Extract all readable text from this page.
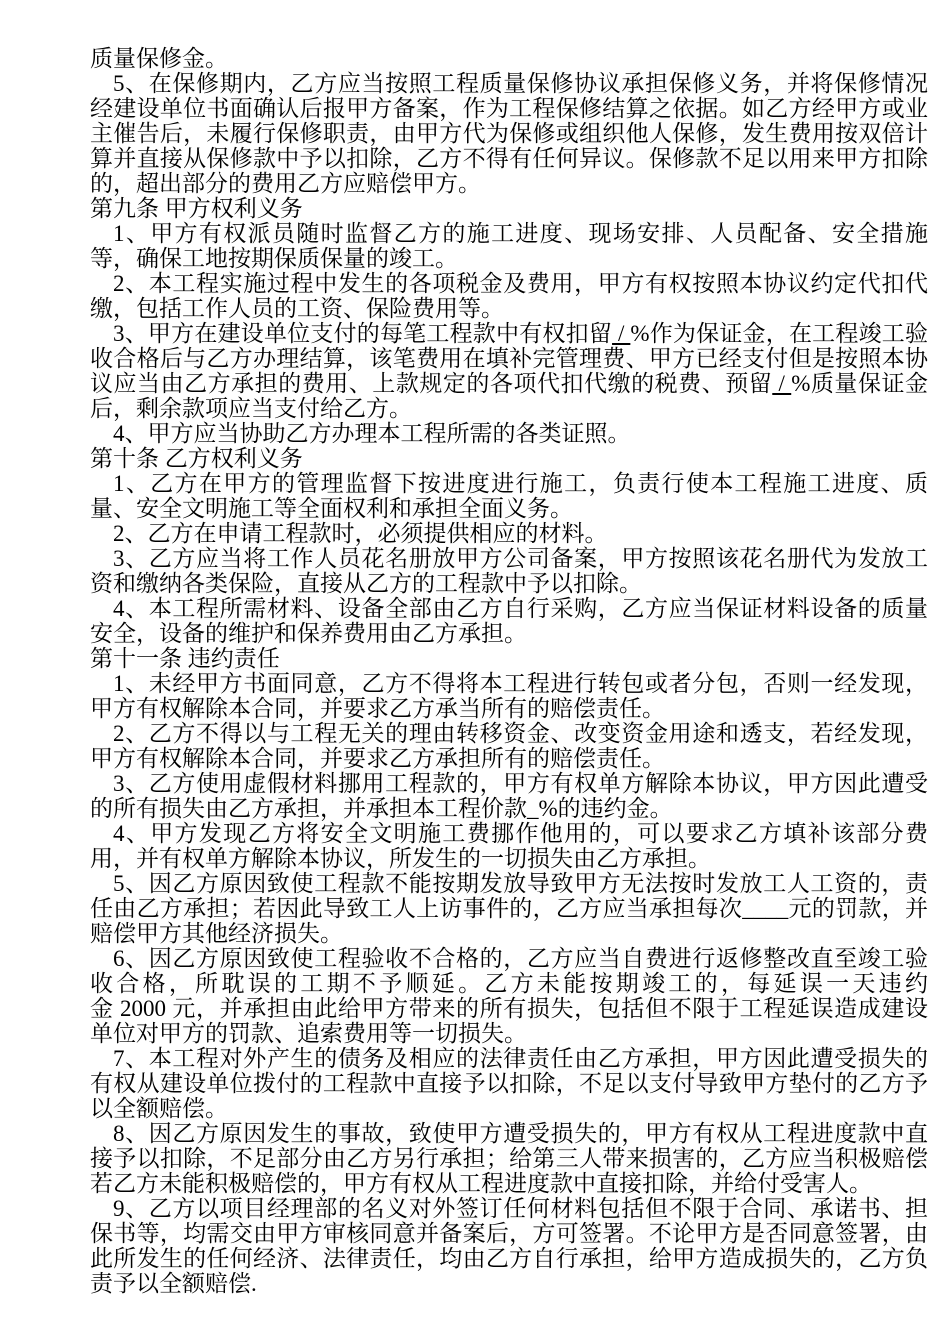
质量保修金。

5、在保修期内，乙方应当按照工程质量保修协议承担保修义务，并将保修情况经建设单位书面确认后报甲方备案，作为工程保修结算之依据。如乙方经甲方或业主催告后，未履行保修职责，由甲方代为保修或组织他人保修，发生费用按双倍计算并直接从保修款中予以扣除，乙方不得有任何异议。保修款不足以用来甲方扣除的，超出部分的费用乙方应赔偿甲方。

第九条 甲方权利义务

1、甲方有权派员随时监督乙方的施工进度、现场安排、人员配备、安全措施等，确保工地按期保质保量的竣工。

2、本工程实施过程中发生的各项税金及费用，甲方有权按照本协议约定代扣代缴，包括工作人员的工资、保险费用等。

3、甲方在建设单位支付的每笔工程款中有权扣留 / %作为保证金，在工程竣工验收合格后与乙方办理结算，该笔费用在填补完管理费、甲方已经支付但是按照本协议应当由乙方承担的费用、上款规定的各项代扣代缴的税费、预留 / %质量保证金后，剩余款项应当支付给乙方。

4、甲方应当协助乙方办理本工程所需的各类证照。

第十条 乙方权利义务

1、乙方在甲方的管理监督下按进度进行施工，负责行使本工程施工进度、质量、安全文明施工等全面权利和承担全面义务。

2、乙方在申请工程款时，必须提供相应的材料。

3、乙方应当将工作人员花名册放甲方公司备案，甲方按照该花名册代为发放工资和缴纳各类保险，直接从乙方的工程款中予以扣除。

4、本工程所需材料、设备全部由乙方自行采购，乙方应当保证材料设备的质量安全，设备的维护和保养费用由乙方承担。

第十一条 违约责任

1、未经甲方书面同意，乙方不得将本工程进行转包或者分包，否则一经发现，甲方有权解除本合同，并要求乙方承当所有的赔偿责任。

2、乙方不得以与工程无关的理由转移资金、改变资金用途和透支，若经发现，甲方有权解除本合同，并要求乙方承担所有的赔偿责任。

3、乙方使用虚假材料挪用工程款的，甲方有权单方解除本协议，甲方因此遭受的所有损失由乙方承担，并承担本工程价款_%的违约金。

4、甲方发现乙方将安全文明施工费挪作他用的，可以要求乙方填补该部分费用，并有权单方解除本协议，所发生的一切损失由乙方承担。

5、因乙方原因致使工程款不能按期发放导致甲方无法按时发放工人工资的，责任由乙方承担；若因此导致工人上访事件的，乙方应当承担每次____元的罚款，并赔偿甲方其他经济损失。

6、因乙方原因致使工程验收不合格的，乙方应当自费进行返修整改直至竣工验收合格，所耽误的工期不予顺延。乙方未能按期竣工的，每延误一天违约金 2000 元，并承担由此给甲方带来的所有损失，包括但不限于工程延误造成建设单位对甲方的罚款、追索费用等一切损失。

7、本工程对外产生的债务及相应的法律责任由乙方承担，甲方因此遭受损失的有权从建设单位拨付的工程款中直接予以扣除，不足以支付导致甲方垫付的乙方予以全额赔偿。

8、因乙方原因发生的事故，致使甲方遭受损失的，甲方有权从工程进度款中直接予以扣除，不足部分由乙方另行承担；给第三人带来损害的，乙方应当积极赔偿若乙方未能积极赔偿的，甲方有权从工程进度款中直接扣除，并给付受害人。

9、乙方以项目经理部的名义对外签订任何材料包括但不限于合同、承诺书、担保书等，均需交由甲方审核同意并备案后，方可签署。不论甲方是否同意签署，由此所发生的任何经济、法律责任，均由乙方自行承担，给甲方造成损失的，乙方负责予以全额赔偿.
